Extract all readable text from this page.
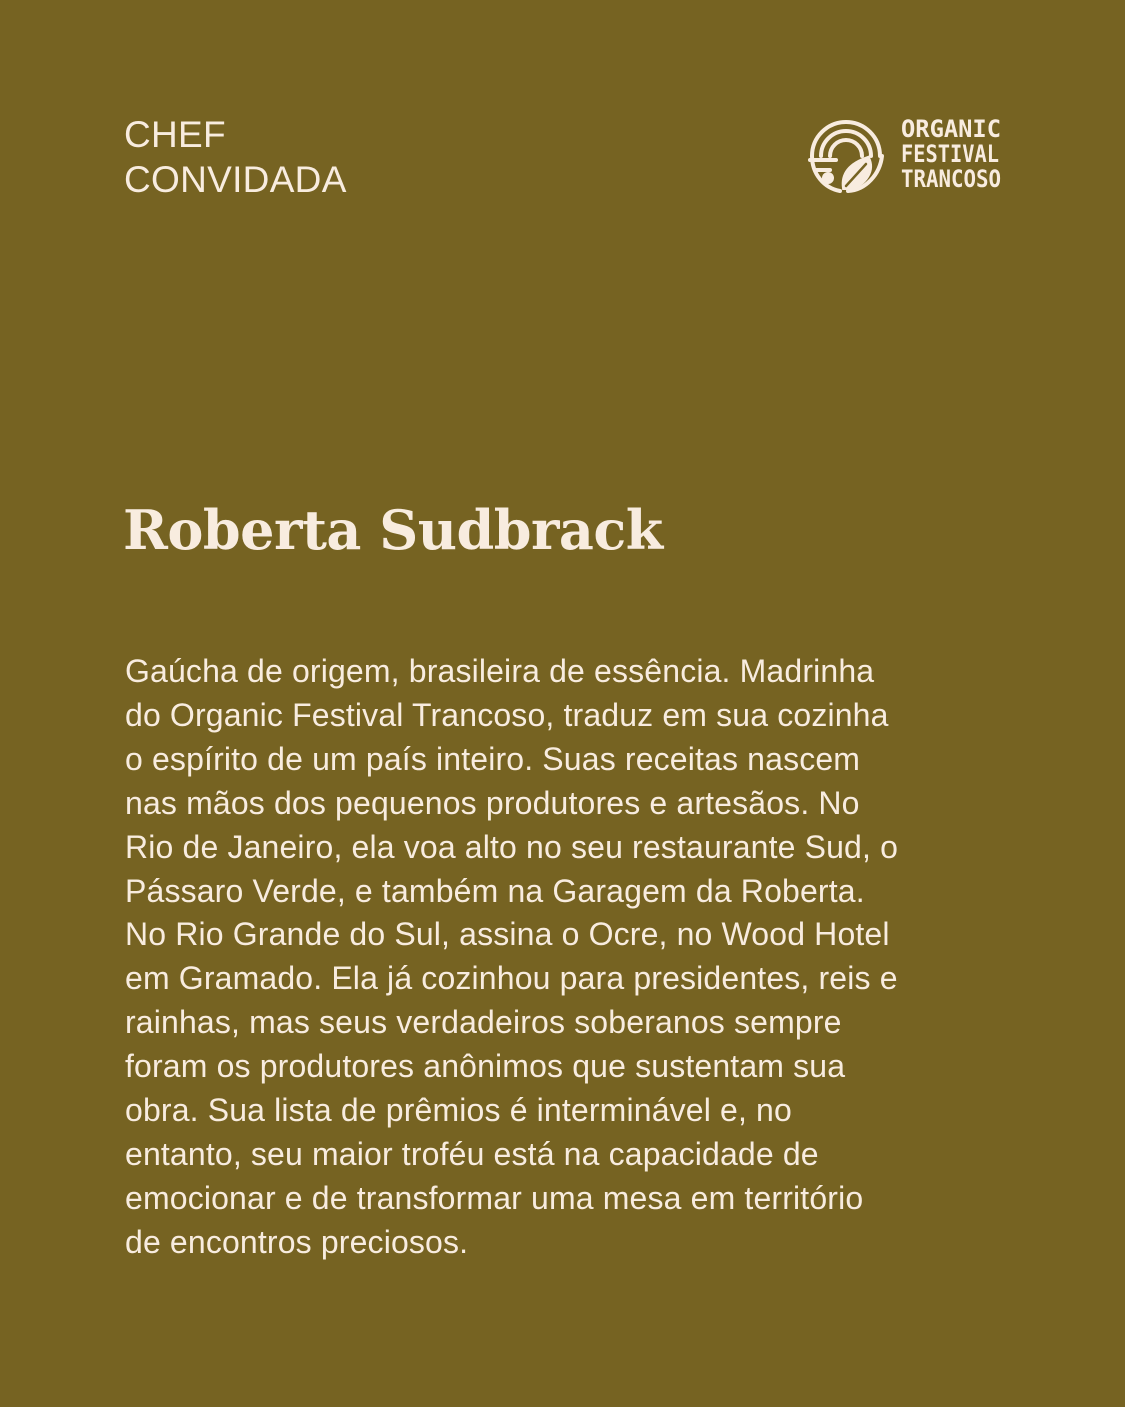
CHEF
CONVIDADA
ORGANIC
FESTIVAL
TRANCOSO
Roberta Sudbrack
Gaúcha de origem, brasileira de essência. Madrinha
do Organic Festival Trancoso, traduz em sua cozinha
o espírito de um país inteiro. Suas receitas nascem
nas mãos dos pequenos produtores e artesãos. No
Rio de Janeiro, ela voa alto no seu restaurante Sud, o
Pássaro Verde, e também na Garagem da Roberta.
No Rio Grande do Sul, assina o Ocre, no Wood Hotel
em Gramado. Ela já cozinhou para presidentes, reis e
rainhas, mas seus verdadeiros soberanos sempre
foram os produtores anônimos que sustentam sua
obra. Sua lista de prêmios é interminável e, no
entanto, seu maior troféu está na capacidade de
emocionar e de transformar uma mesa em território
de encontros preciosos.
